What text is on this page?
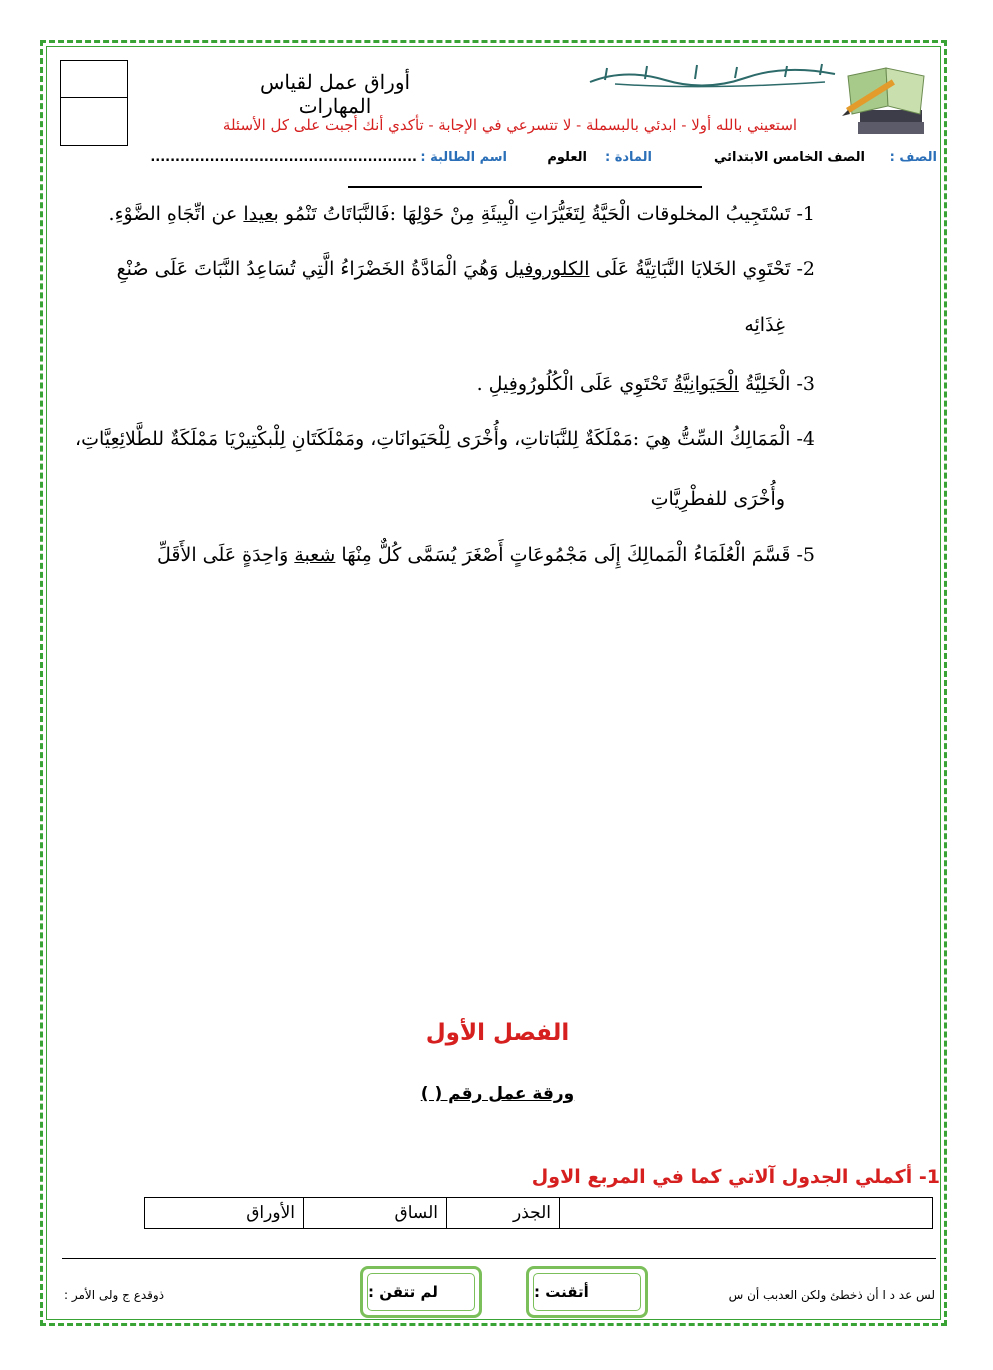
أوراق عمل لقياس المهارات
استعيني بالله أولا - ابدئي بالبسملة - لا تتسرعي في الإجابة - تأكدي أنك أجبت على كل الأسئلة
الصف :
الصف الخامس الابتدائي
المادة :
العلوم
اسم الطالبة :
......................................................
1- تَسْتَجِيبُ المخلوقات الْحَيَّةُ لِتَغَيُّرَاتِ الْبِيئَةِ مِنْ حَوْلِهَا :فَالنَّبَاتَاتُ تَنْمُو بعيدا عن اتِّجَاهِ الضَّوْءِ.
2- تَحْتَوِي الخَلايَا النَّبَاتِيَّةُ عَلَى الكلوروفيل وَهُيَ الْمَادَّةُ الخَضْرَاءُ الَّتِي تُسَاعِدُ النَّبَاتَ عَلَى صُنْعِ
غِذَائِه
3- الْخَلِيَّةُ الْحَيَوانِيَّةُ تَحْتَوِي عَلَى الْكُلُورُوفِيلِ .
4- الْمَمَالِكُ السِّتُّ هِيَ :مَمْلَكَةٌ لِلنَّبَاتاتِ، وأُخْرَى لِلْحَيَوانَاتِ، ومَمْلَكَتَانِ لِلْبكْتِيرْيَا مَمْلَكَةٌ للطَّلائِعِيَّاتِ،
وأُخْرَى للفطْرِيَّاتِ
5- قَسَّمَ الْعُلَمَاءُ الْمَمالِكَ إِلَى مَجْمُوعَاتٍ أَصْغَرَ يُسَمَّى كُلٌّ مِنْهَا شعبة وَاحِدَةٍ عَلَى الأَقَلِّ
الفصل الأول
ورقة عمل رقم ( )
1- أكملي الجدول آلاتي كما في المربع الاول
	الجذر	الساق	الأوراق
لس عد د ا أن ذخطئ ولكن العدبب أن س
أتقنت :
لم تتقن :
ذوقدع ج ولى الأمر :
